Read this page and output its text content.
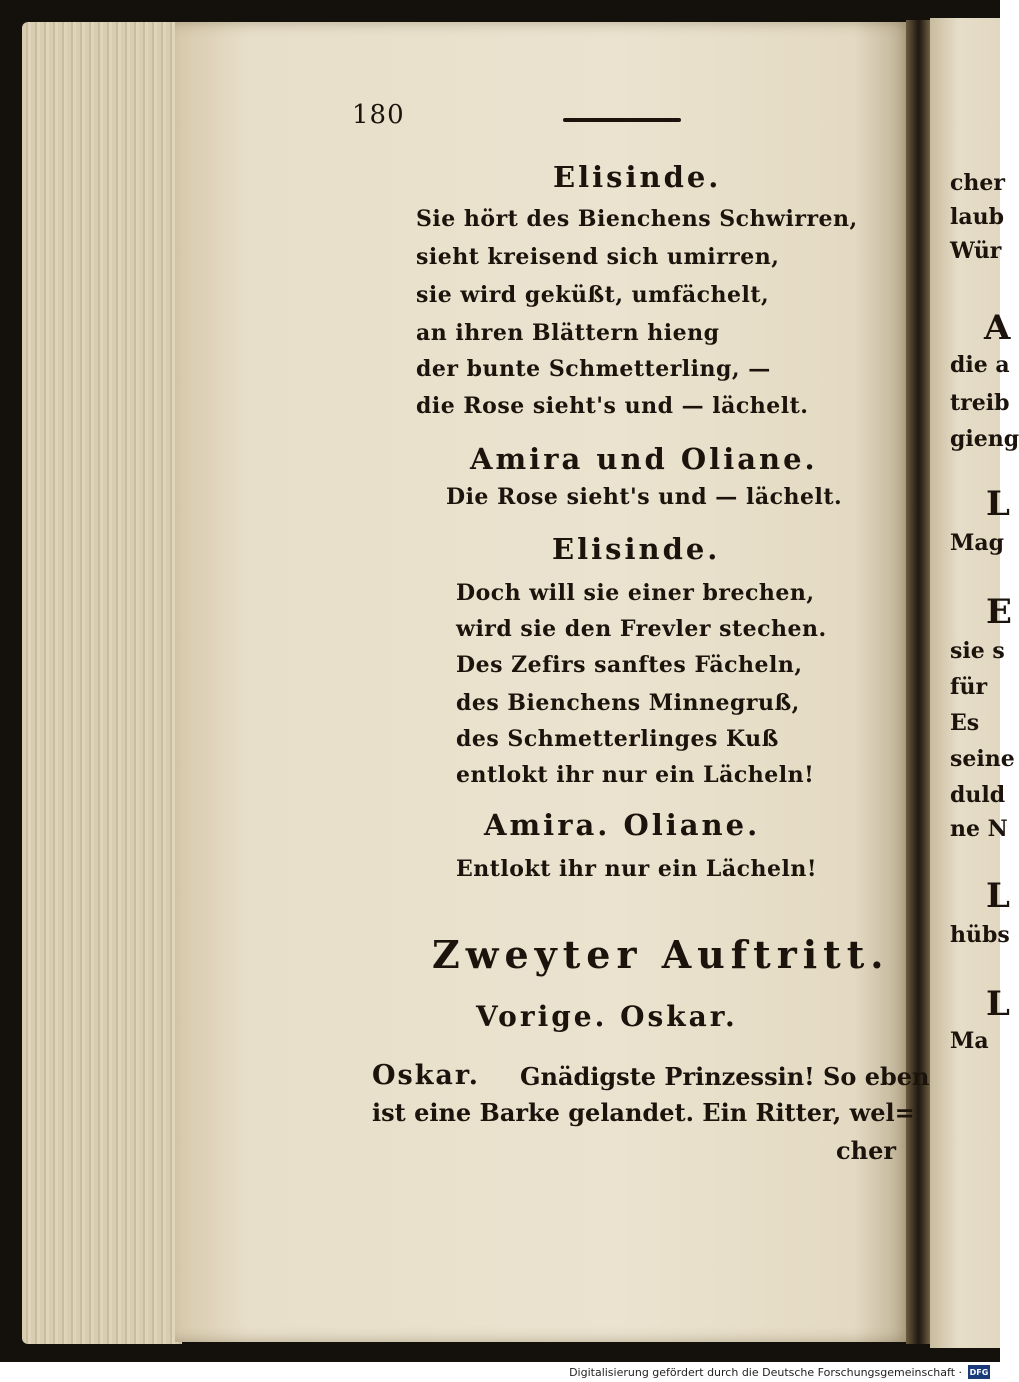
180
Elisinde.
Sie hört des Bienchens Schwirren,
sieht kreisend sich umirren,
sie wird geküßt, umfächelt,
an ihren Blättern hieng
der bunte Schmetterling, —
die Rose sieht's und — lächelt.
Amira und Oliane.
Die Rose sieht's und — lächelt.
Elisinde.
Doch will sie einer brechen,
wird sie den Frevler stechen.
Des Zefirs sanftes Fächeln,
des Bienchens Minnegruß,
des Schmetterlinges Kuß
entlokt ihr nur ein Lächeln!
Amira. Oliane.
Entlokt ihr nur ein Lächeln!
Zweyter Auftritt.
Vorige. Oskar.
Oskar. Gnädigste Prinzessin! So eben
ist eine Barke gelandet. Ein Ritter, wel=
cher
cher
laub
Wür
A
die a
treib
gieng
L
Mag
E
sie s
für
Es
seine
duld
ne N
L
hübs
L
Ma
Digitalisierung gefördert durch die Deutsche Forschungsgemeinschaft · DFG
